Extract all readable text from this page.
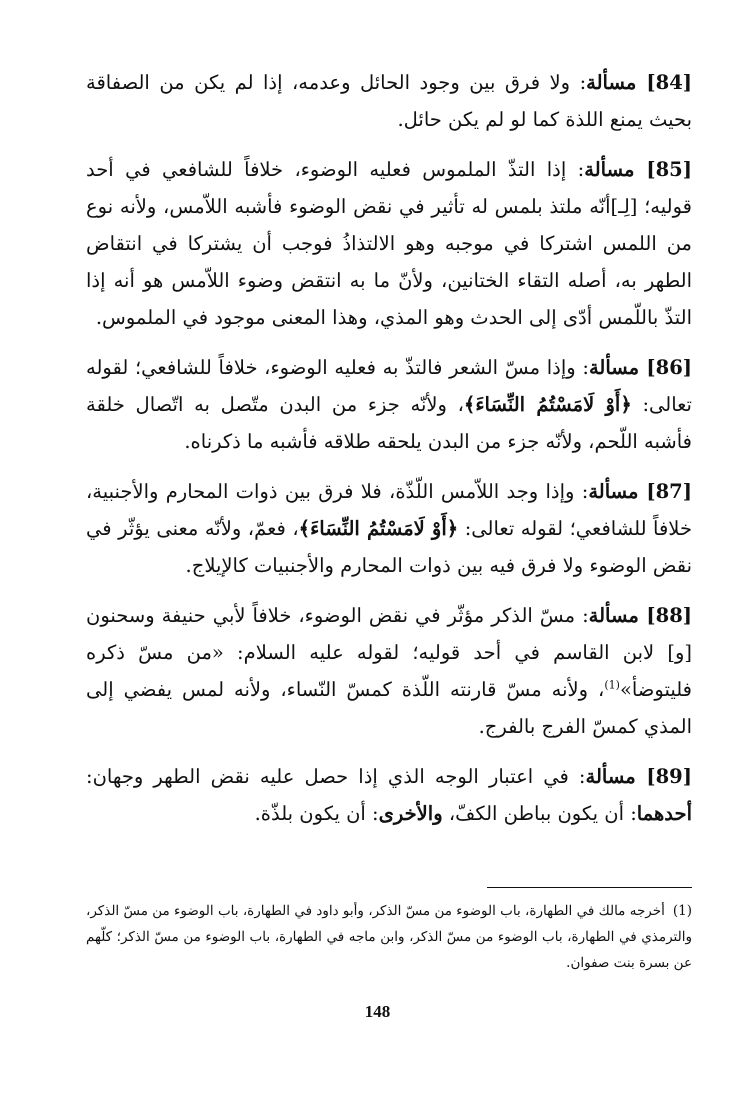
[84] مسألة: ولا فرق بين وجود الحائل وعدمه، إذا لم يكن من الصفاقة بحيث يمنع اللذة كما لو لم يكن حائل.

[85] مسألة: إذا التذّ الملموس فعليه الوضوء، خلافاً للشافعي في أحد قوليه؛ [لِـ]أنّه ملتذ بلمس له تأثير في نقض الوضوء فأشبه اللاّمس، ولأنه نوع من اللمس اشتركا في موجبه وهو الالتذاذُ فوجب أن يشتركا في انتقاض الطهر به، أصله التقاء الختانين، ولأنّ ما به انتقض وضوء اللاّمس هو أنه إذا التذّ باللّمس أدّى إلى الحدث وهو المذي، وهذا المعنى موجود في الملموس.

[86] مسألة: وإذا مسّ الشعر فالتذّ به فعليه الوضوء، خلافاً للشافعي؛ لقوله تعالى: ﴿أَوْ لَامَسْتُمُ النِّسَاءَ﴾، ولأنّه جزء من البدن متّصل به اتّصال خلقة فأشبه اللّحم، ولأنّه جزء من البدن يلحقه طلاقه فأشبه ما ذكرناه.

[87] مسألة: وإذا وجد اللاّمس اللّذّة، فلا فرق بين ذوات المحارم والأجنبية، خلافاً للشافعي؛ لقوله تعالى: ﴿أَوْ لَامَسْتُمُ النِّسَاءَ﴾، فعمّ، ولأنّه معنى يؤثّر في نقض الوضوء ولا فرق فيه بين ذوات المحارم والأجنبيات كالإيلاج.

[88] مسألة: مسّ الذكر مؤثّر في نقض الوضوء، خلافاً لأبي حنيفة وسحنون [و] لابن القاسم في أحد قوليه؛ لقوله عليه السلام: «من مسّ ذكره فليتوضأ»$^{(1)}$، ولأنه مسّ قارنته اللّذة كمسّ النّساء، ولأنه لمس يفضي إلى المذي كمسّ الفرج بالفرج.

[89] مسألة: في اعتبار الوجه الذي إذا حصل عليه نقض الطهر وجهان: أحدهما: أن يكون بباطن الكفّ، والأخرى: أن يكون بلذّة.

(1)أخرجه مالك في الطهارة، باب الوضوء من مسّ الذكر، وأبو داود في الطهارة، باب الوضوء من مسّ الذكر، والترمذي في الطهارة، باب الوضوء من مسّ الذكر، وابن ماجه في الطهارة، باب الوضوء من مسّ الذكر؛ كلّهم عن بسرة بنت صفوان.
148
